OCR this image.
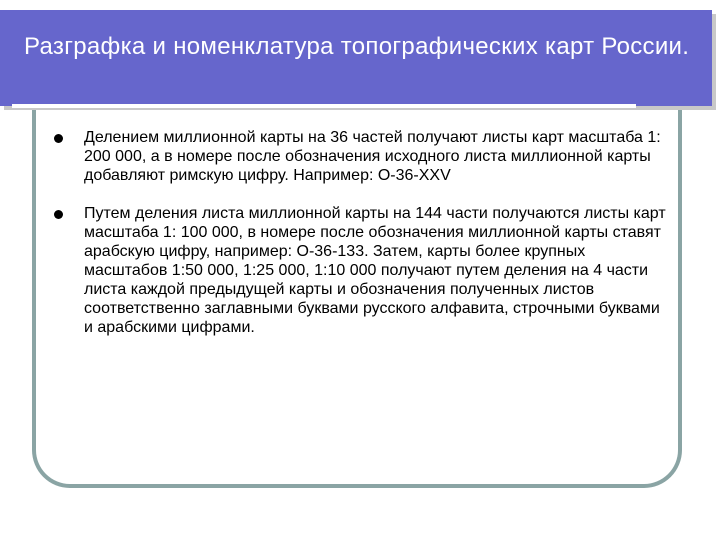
Разграфка и номенклатура топографических карт России.
Делением миллионной карты на 36 частей получают листы карт масштаба 1: 200 000, а в номере после обозначения исходного листа миллионной карты добавляют римскую цифру. Например: О-36-XXV
Путем деления листа миллионной карты на 144 части получаются листы карт масштаба 1: 100 000, в номере после обозначения миллионной карты ставят арабскую цифру, например: О-36-133. Затем, карты более крупных масштабов 1:50 000, 1:25 000, 1:10 000 получают путем деления на 4 части листа каждой предыдущей карты и обозначения полученных листов соответственно заглавными буквами русского алфавита, строчными буквами и арабскими цифрами.
